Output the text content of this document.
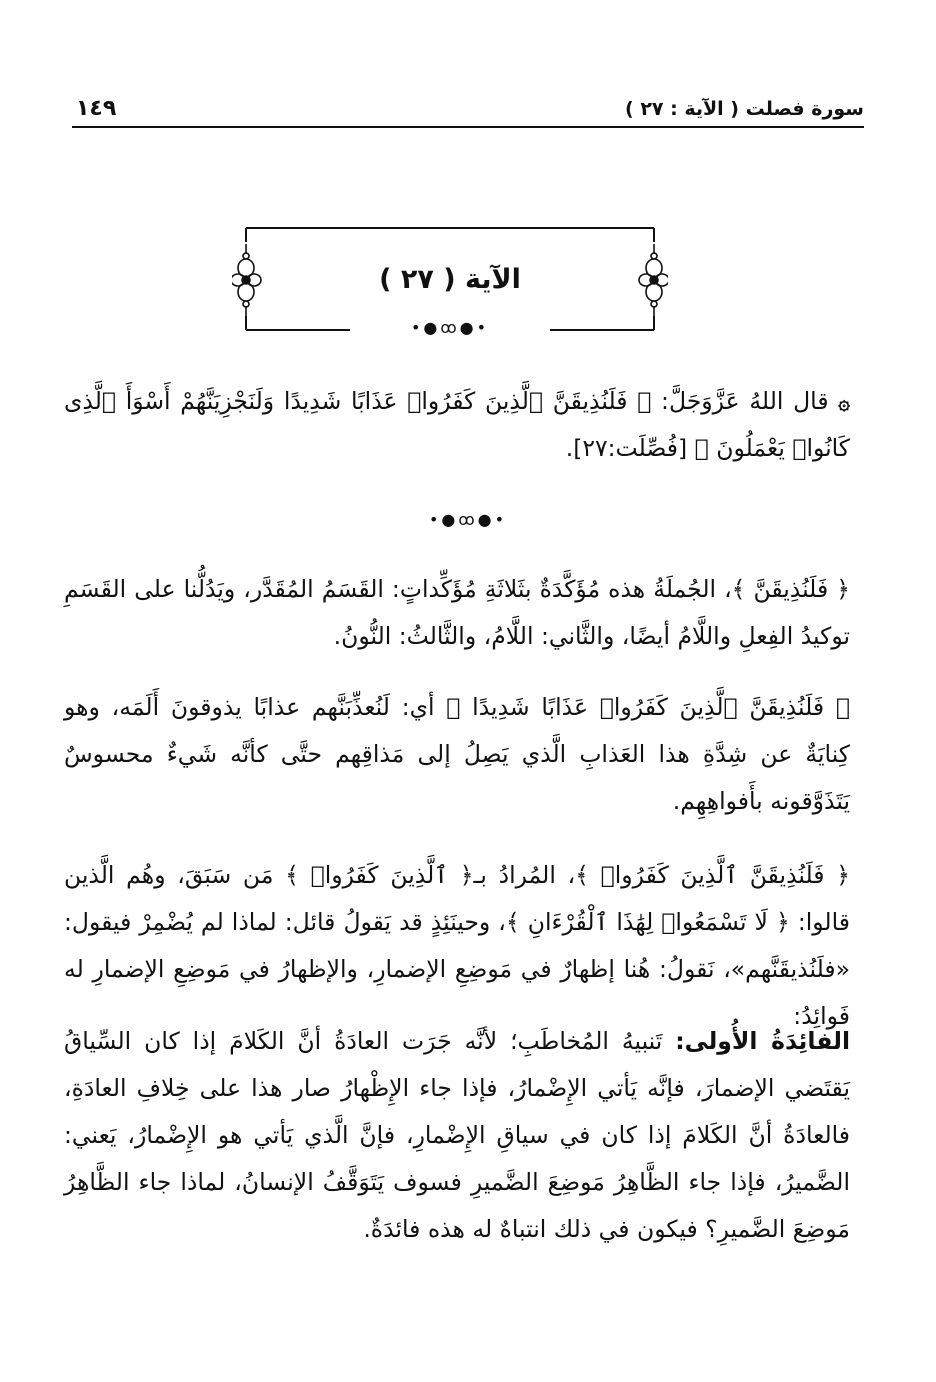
سورة فصلت ( الآية : ٢٧ )
١٤٩
الآية ( ٢٧ )
•●ꝏ●•
۞ قال اللهُ عَزَّوَجَلَّ: ﴿ فَلَنُذِيقَنَّ ٱلَّذِينَ كَفَرُوا۟ عَذَابًا شَدِيدًا وَلَنَجْزِيَنَّهُمْ أَسْوَأَ ٱلَّذِى كَانُوا۟ يَعْمَلُونَ ﴾ [فُصِّلَت:٢٧].
•●ꝏ●•
﴿ فَلَنُذِيقَنَّ ﴾، الجُملَةُ هذه مُؤَكَّدَةٌ بثَلاثَةِ مُؤَكِّداتٍ: القَسَمُ المُقَدَّر، ويَدُلُّنا على القَسَمِ توكيدُ الفِعلِ واللَّامُ أيضًا، والثَّاني: اللَّامُ، والثَّالثُ: النُّونُ.
﴿ فَلَنُذِيقَنَّ ٱلَّذِينَ كَفَرُوا۟ عَذَابًا شَدِيدًا ﴾ أي: لَنُعذِّبَنَّهم عذابًا يذوقونَ أَلَمَه، وهو كِنايَةٌ عن شِدَّةِ هذا العَذابِ الَّذي يَصِلُ إلى مَذاقِهم حتَّى كأنَّه شَيءٌ محسوسٌ يَتَذَوَّقونه بأَفواهِهِم.
﴿ فَلَنُذِيقَنَّ ٱلَّذِينَ كَفَرُوا۟ ﴾، المُرادُ بـ﴿ ٱلَّذِينَ كَفَرُوا۟ ﴾ مَن سَبَقَ، وهُم الَّذين قالوا: ﴿ لَا تَسْمَعُوا۟ لِهَٰذَا ٱلْقُرْءَانِ ﴾، وحينَئِذٍ قد يَقولُ قائل: لماذا لم يُضْمِرْ فيقول: «فلَنُذيقَنَّهم»، نَقولُ: هُنا إظهارٌ في مَوضِعِ الإضمارِ، والإظهارُ في مَوضِعِ الإضمارِ له فَوائِدُ:
الفائِدَةُ الأُولى: تَنبيهُ المُخاطَبِ؛ لأنَّه جَرَت العادَةُ أنَّ الكَلامَ إذا كان السِّياقُ يَقتَضي الإضمارَ، فإنَّه يَأتي الإِضْمارُ، فإذا جاء الإِظْهارُ صار هذا على خِلافِ العادَةِ، فالعادَةُ أنَّ الكَلامَ إذا كان في سياقِ الإِضْمارِ، فإنَّ الَّذي يَأتي هو الإِضْمارُ، يَعني: الضَّميرُ، فإذا جاء الظَّاهِرُ مَوضِعَ الضَّميرِ فسوف يَتَوَقَّفُ الإنسانُ، لماذا جاء الظَّاهِرُ مَوضِعَ الضَّميرِ؟ فيكون في ذلك انتباهٌ له هذه فائدَةٌ.
